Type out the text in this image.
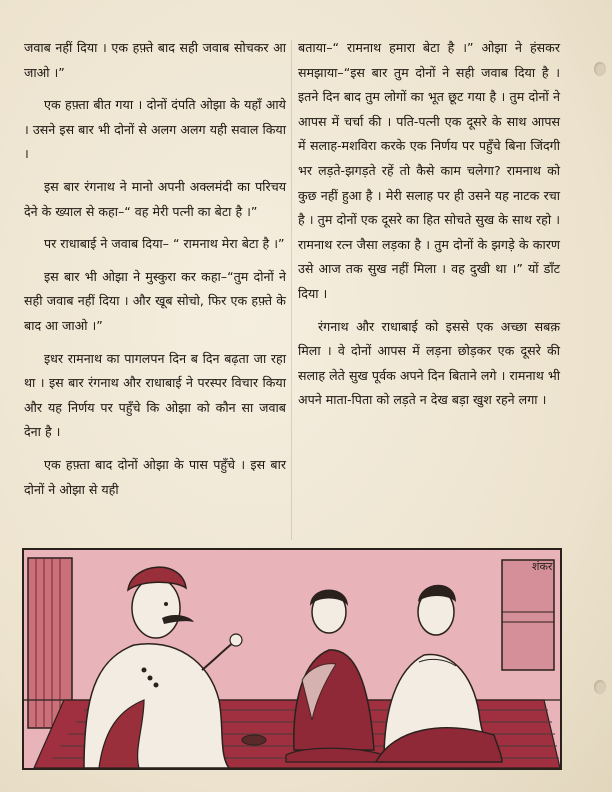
जवाब नहीं दिया । एक हफ़्ते बाद सही जवाब सोचकर आ जाओ ।”

एक हफ़्ता बीत गया । दोनों दंपति ओझा के यहाँ आये । उसने इस बार भी दोनों से अलग अलग यही सवाल किया ।

इस बार रंगनाथ ने मानो अपनी अक्लमंदी का परिचय देने के ख्याल से कहा–“ वह मेरी पत्नी का बेटा है ।”

पर राधाबाई ने जवाब दिया– “ रामनाथ मेरा बेटा है ।”

इस बार भी ओझा ने मुस्कुरा कर कहा–“तुम दोनों ने सही जवाब नहीं दिया । और खूब सोचो, फिर एक हफ़्ते के बाद आ जाओ ।”

इधर रामनाथ का पागलपन दिन ब दिन बढ़ता जा रहा था । इस बार रंगनाथ और राधाबाई ने परस्पर विचार किया और यह निर्णय पर पहुँचे कि ओझा को कौन सा जवाब देना है ।

एक हफ़्ता बाद दोनों ओझा के पास पहुँचे । इस बार दोनों ने ओझा से यही

बताया–“ रामनाथ हमारा बेटा है ।” ओझा ने हंसकर समझाया–“इस बार तुम दोनों ने सही जवाब दिया है । इतने दिन बाद तुम लोगों का भूत छूट गया है । तुम दोनों ने आपस में चर्चा की । पति-पत्नी एक दूसरे के साथ आपस में सलाह-मशविरा करके एक निर्णय पर पहुँचे बिना जिंदगी भर लड़ते-झगड़ते रहें तो कैसे काम चलेगा? रामनाथ को कुछ नहीं हुआ है । मेरी सलाह पर ही उसने यह नाटक रचा है । तुम दोनों एक दूसरे का हित सोचते सुख के साथ रहो । रामनाथ रत्न जैसा लड़का है । तुम दोनों के झगड़े के कारण उसे आज तक सुख नहीं मिला । वह दुखी था ।” यों डाँट दिया ।

रंगनाथ और राधाबाई को इससे एक अच्छा सबक़ मिला । वे दोनों आपस में लड़ना छोड़कर एक दूसरे की सलाह लेते सुख पूर्वक अपने दिन बिताने लगे । रामनाथ भी अपने माता-पिता को लड़ते न देख बड़ा खुश रहने लगा ।

शंकर
